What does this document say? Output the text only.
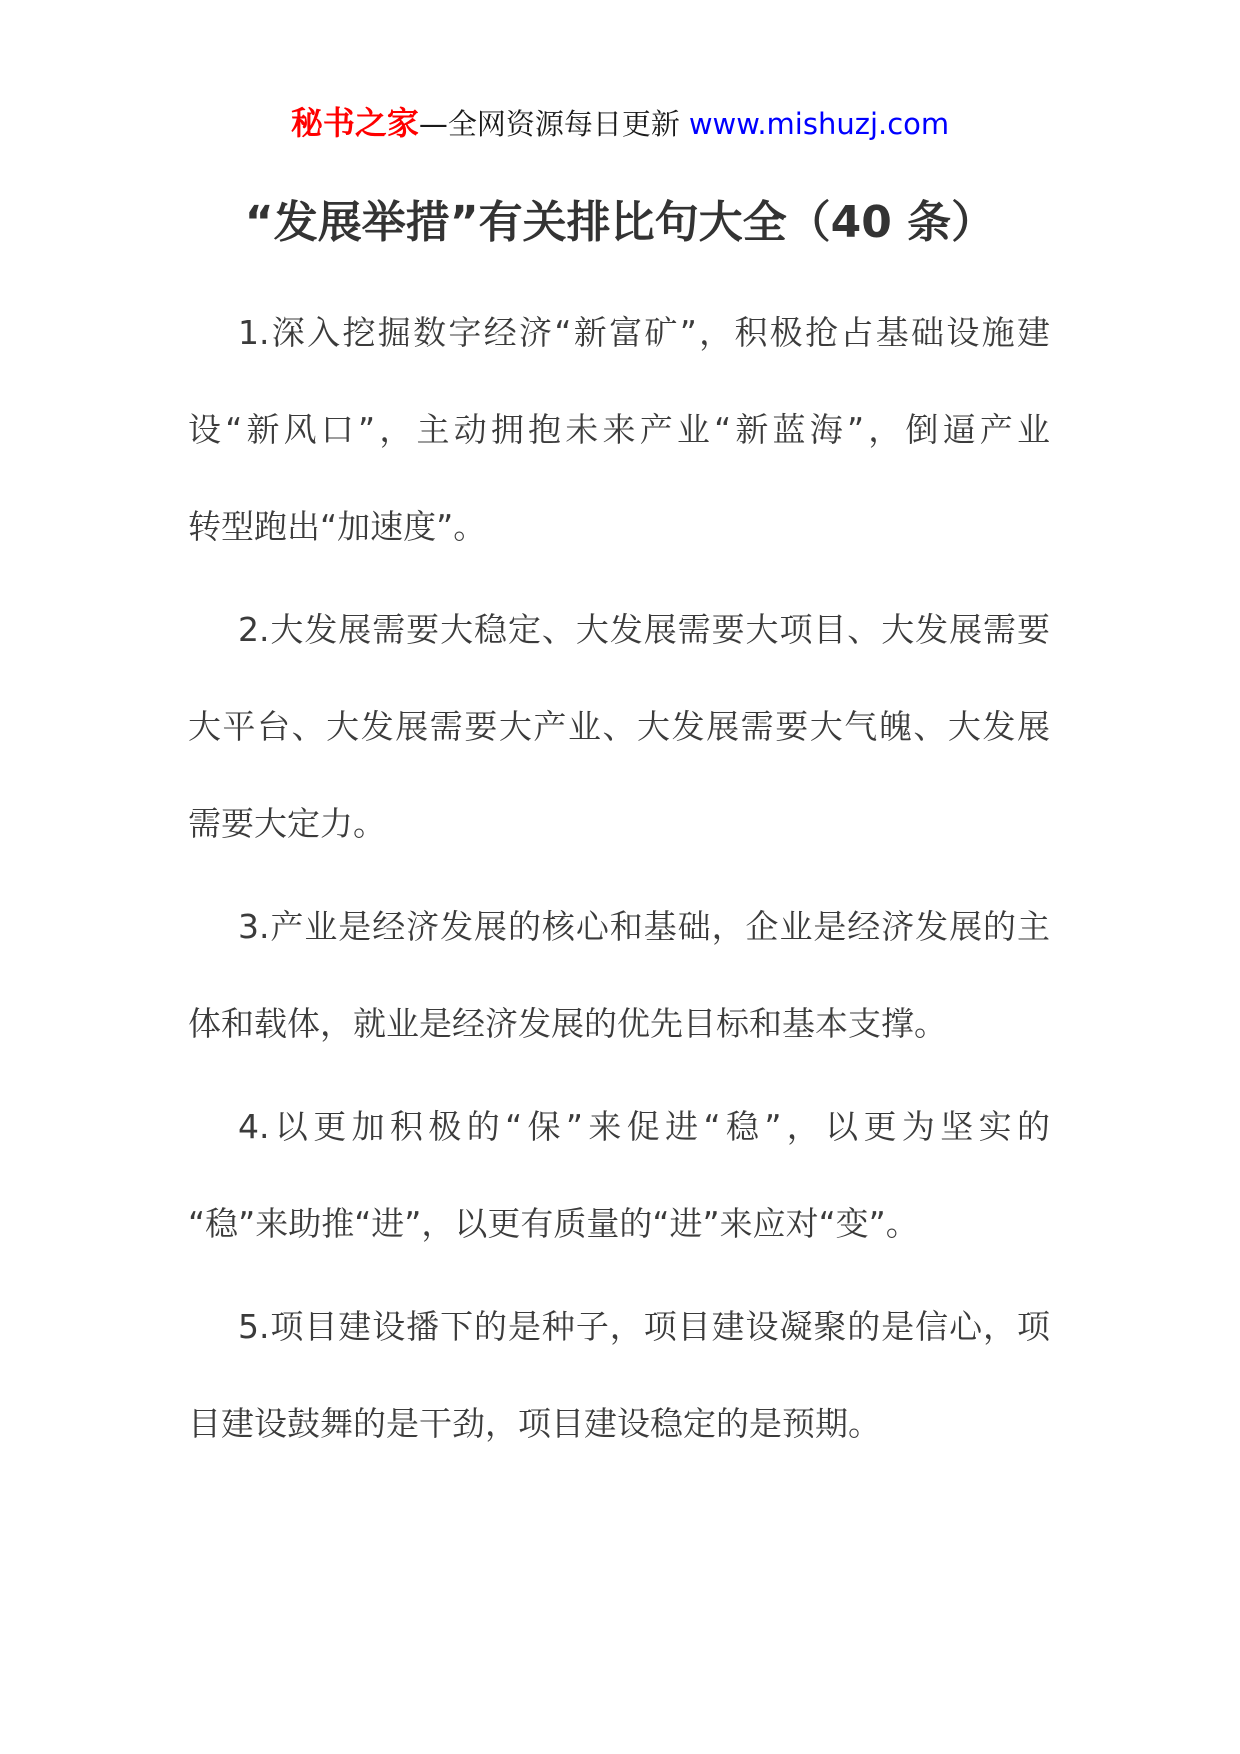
秘书之家—全网资源每日更新 www.mishuzj.com
“发展举措”有关排比句大全（40 条）
1.深入挖掘数字经济“新富矿”，积极抢占基础设施建
设“新风口”，主动拥抱未来产业“新蓝海”，倒逼产业
转型跑出“加速度”。
2.大发展需要大稳定、大发展需要大项目、大发展需要
大平台、大发展需要大产业、大发展需要大气魄、大发展
需要大定力。
3.产业是经济发展的核心和基础，企业是经济发展的主
体和载体，就业是经济发展的优先目标和基本支撑。
4.以更加积极的“保”来促进“稳”，以更为坚实的
“稳”来助推“进”，以更有质量的“进”来应对“变”。
5.项目建设播下的是种子，项目建设凝聚的是信心，项
目建设鼓舞的是干劲，项目建设稳定的是预期。
